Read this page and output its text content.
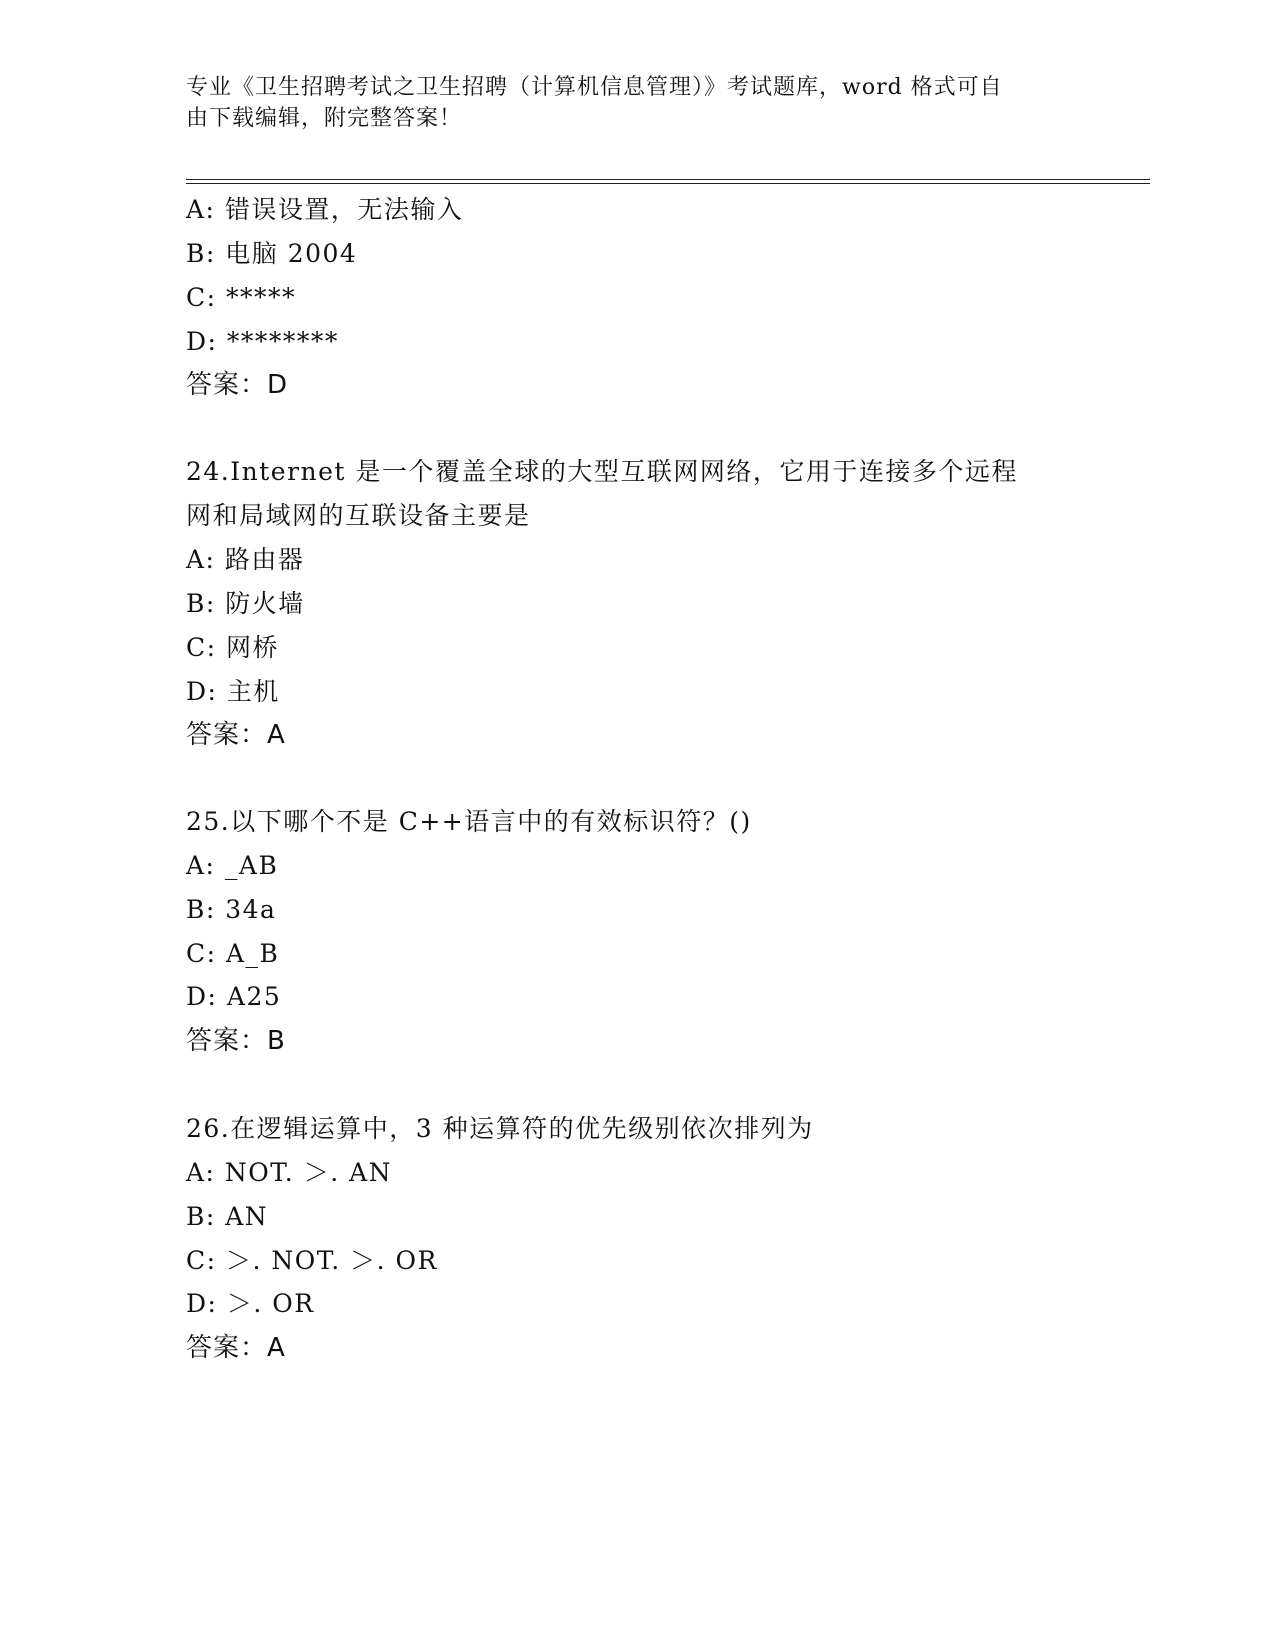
专业《卫生招聘考试之卫生招聘（计算机信息管理）》考试题库，word 格式可自
由下载编辑，附完整答案！
A: 错误设置，无法输入
B: 电脑 2004
C: *****
D: ********
答案：D
24.Internet 是一个覆盖全球的大型互联网网络，它用于连接多个远程
网和局域网的互联设备主要是
A: 路由器
B: 防火墙
C: 网桥
D: 主机
答案：A
25.以下哪个不是 C++语言中的有效标识符？()
A: _AB
B: 34a
C: A_B
D: A25
答案：B
26.在逻辑运算中，3 种运算符的优先级别依次排列为
A: NOT. ＞. AN
B: AN
C: ＞. NOT. ＞. OR
D: ＞. OR
答案：A
